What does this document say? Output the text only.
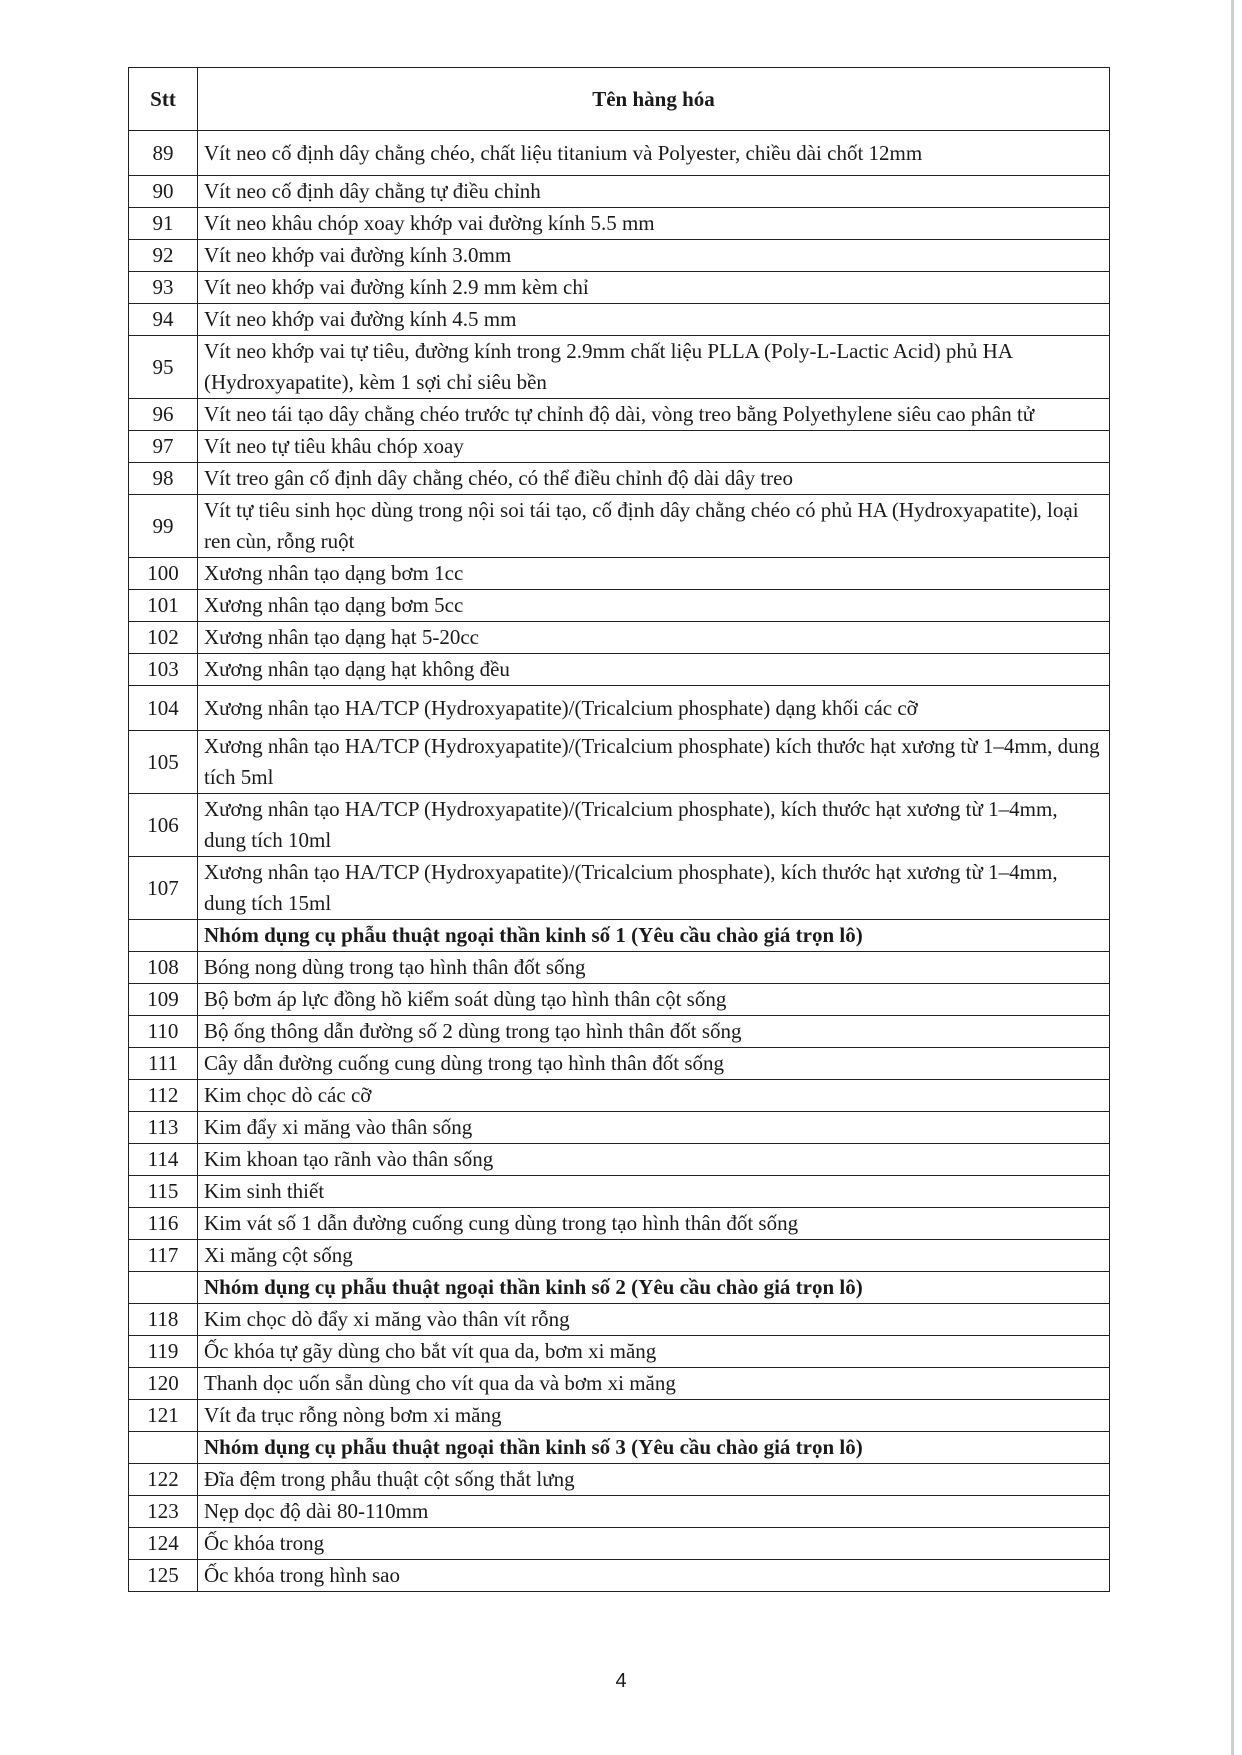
Stt	Tên hàng hóa
89	Vít neo cố định dây chằng chéo, chất liệu titanium và Polyester, chiều dài chốt 12mm
90	Vít neo cố định dây chằng tự điều chỉnh
91	Vít neo khâu chóp xoay khớp vai đường kính 5.5 mm
92	Vít neo khớp vai đường kính 3.0mm
93	Vít neo khớp vai đường kính 2.9 mm kèm chỉ
94	Vít neo khớp vai đường kính 4.5 mm
95	Vít neo khớp vai tự tiêu, đường kính trong 2.9mm chất liệu PLLA (Poly-L-Lactic Acid) phủ HA (Hydroxyapatite), kèm 1 sợi chỉ siêu bền
96	Vít neo tái tạo dây chằng chéo trước tự chỉnh độ dài, vòng treo bằng Polyethylene siêu cao phân tử
97	Vít neo tự tiêu khâu chóp xoay
98	Vít treo gân cố định dây chằng chéo, có thể điều chỉnh độ dài dây treo
99	Vít tự tiêu sinh học dùng trong nội soi tái tạo, cố định dây chằng chéo có phủ HA (Hydroxyapatite), loại ren cùn, rỗng ruột
100	Xương nhân tạo dạng bơm 1cc
101	Xương nhân tạo dạng bơm 5cc
102	Xương nhân tạo dạng hạt 5-20cc
103	Xương nhân tạo dạng hạt không đều
104	Xương nhân tạo HA/TCP (Hydroxyapatite)/(Tricalcium phosphate) dạng khối các cỡ
105	Xương nhân tạo HA/TCP (Hydroxyapatite)/(Tricalcium phosphate) kích thước hạt xương từ 1–4mm, dung tích 5ml
106	Xương nhân tạo HA/TCP (Hydroxyapatite)/(Tricalcium phosphate), kích thước hạt xương từ 1–4mm, dung tích 10ml
107	Xương nhân tạo HA/TCP (Hydroxyapatite)/(Tricalcium phosphate), kích thước hạt xương từ 1–4mm, dung tích 15ml
	Nhóm dụng cụ phẫu thuật ngoại thần kinh số 1 (Yêu cầu chào giá trọn lô)
108	Bóng nong dùng trong tạo hình thân đốt sống
109	Bộ bơm áp lực đồng hồ kiểm soát dùng tạo hình thân cột sống
110	Bộ ống thông dẫn đường số 2 dùng trong tạo hình thân đốt sống
111	Cây dẫn đường cuống cung dùng trong tạo hình thân đốt sống
112	Kim chọc dò các cỡ
113	Kim đẩy xi măng vào thân sống
114	Kim khoan tạo rãnh vào thân sống
115	Kim sinh thiết
116	Kim vát số 1 dẫn đường cuống cung dùng trong tạo hình thân đốt sống
117	Xi măng cột sống
	Nhóm dụng cụ phẫu thuật ngoại thần kinh số 2 (Yêu cầu chào giá trọn lô)
118	Kim chọc dò đẩy xi măng vào thân vít rỗng
119	Ốc khóa tự gãy dùng cho bắt vít qua da, bơm xi măng
120	Thanh dọc uốn sẵn dùng cho vít qua da và bơm xi măng
121	Vít đa trục rỗng nòng bơm xi măng
	Nhóm dụng cụ phẫu thuật ngoại thần kinh số 3 (Yêu cầu chào giá trọn lô)
122	Đĩa đệm trong phẫu thuật cột sống thắt lưng
123	Nẹp dọc độ dài 80-110mm
124	Ốc khóa trong
125	Ốc khóa trong hình sao
4
